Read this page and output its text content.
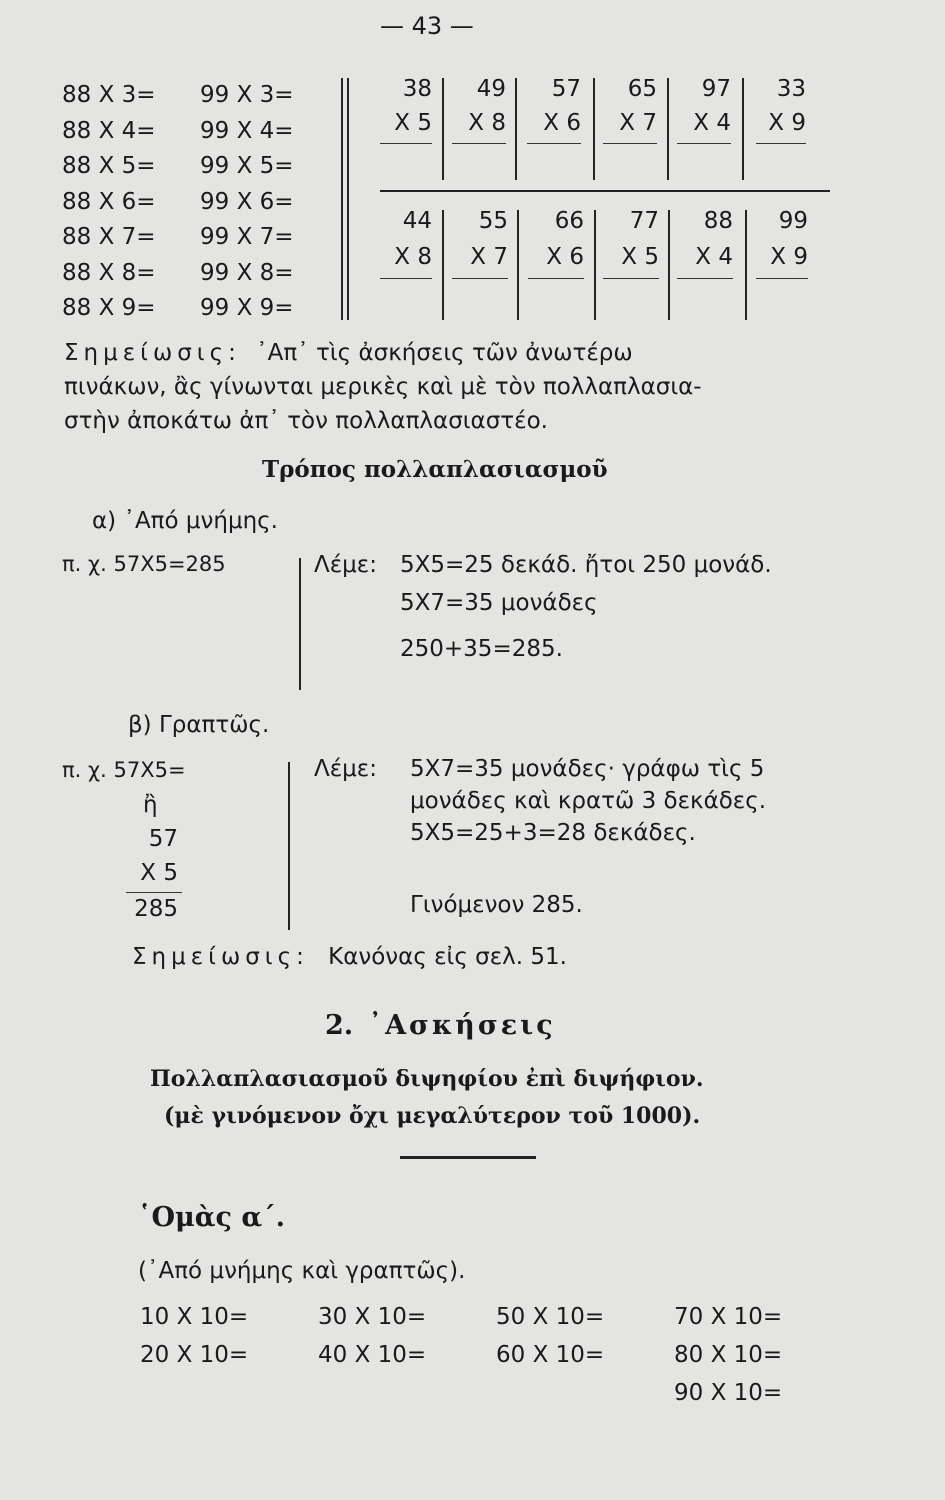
— 43 —
88 X 3=
88 X 4=
88 X 5=
88 X 6=
88 X 7=
88 X 8=
88 X 9=
99 X 3=
99 X 4=
99 X 5=
99 X 6=
99 X 7=
99 X 8=
99 X 9=
38
X 5
49
X 8
57
X 6
65
X 7
97
X 4
33
X 9
44
X 8
55
X 7
66
X 6
77
X 5
88
X 4
99
X 9
Σημείωσις: ᾿Απ᾽ τὶς ἀσκήσεις τῶν ἀνωτέρω
πινάκων, ἂς γίνωνται μερικὲς καὶ μὲ τὸν πολλαπλασια-
στὴν ἀποκάτω ἀπ᾽ τὸν πολλαπλασιαστέο.
Τρόπος πολλαπλασιασμοῦ
α) ᾿Από μνήμης.
π. χ. 57X5=285	Λέμε: 5X5=25 δεκάδ. ἤτοι 250 μονάδ.
5X7=35 μονάδες
250+35=285.
β) Γραπτῶς.
π. χ. 57X5=
ἢ
57
X 5
285
Λέμε: 5X7=35 μονάδες· γράφω τὶς 5
μονάδες καὶ κρατῶ 3 δεκάδες.
5X5=25+3=28 δεκάδες.
Γινόμενον 285.
Σημείωσις: Κανόνας εἰς σελ. 51.
2. ᾿Ασκήσεις
Πολλαπλασιασμοῦ διψηφίου ἐπὶ διψήφιον.
(μὲ γινόμενον ὄχι μεγαλύτερον τοῦ 1000).
῾Ομὰς α΄.
(᾿Από μνήμης καὶ γραπτῶς).
10 X 10=
20 X 10=
30 X 10=
40 X 10=
50 X 10=
60 X 10=
70 X 10=
80 X 10=
90 X 10=
